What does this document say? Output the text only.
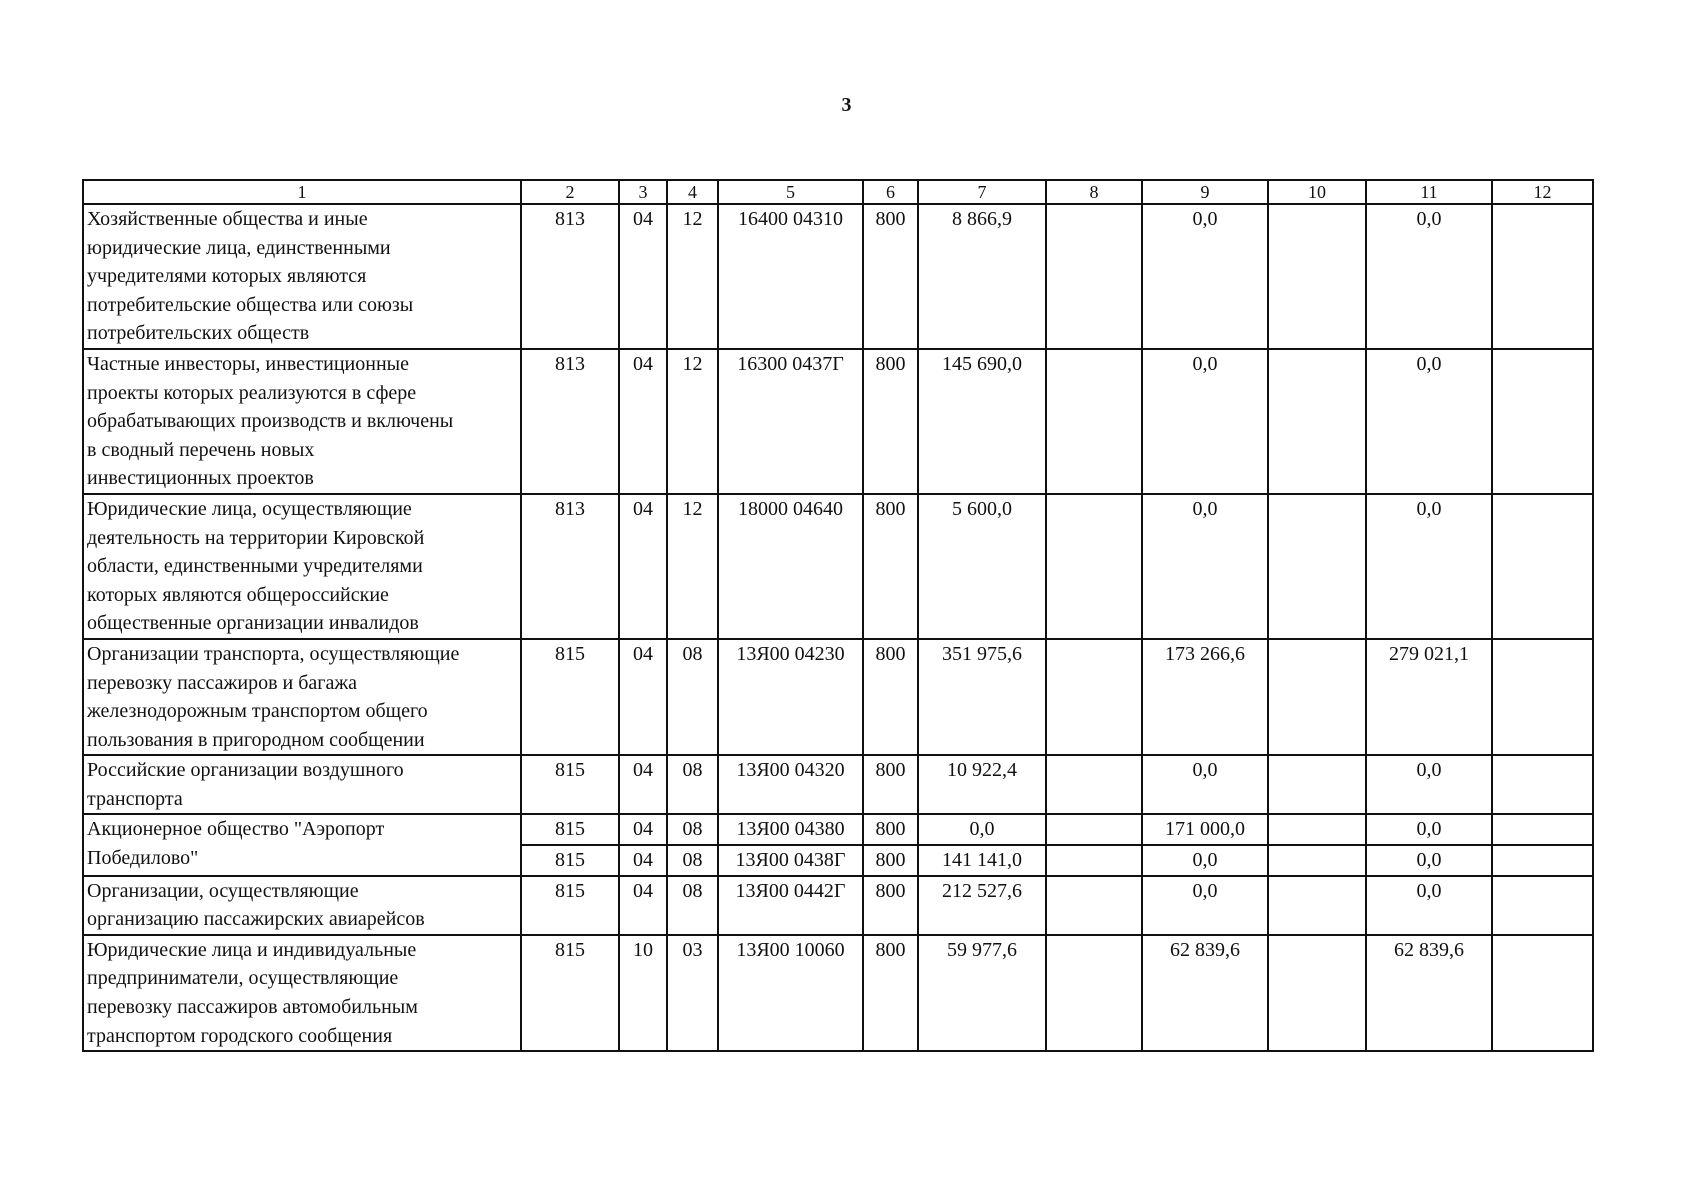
3
1	2	3	4	5	6	7	8	9	10	11	12

Хозяйственные общества и иные
юридические лица, единственными
учредителями которых являются
потребительские общества или союзы
потребительских обществ	813	04	12	16400 04310	800	8 866,9		0,0		0,0	

Частные инвесторы, инвестиционные
проекты которых реализуются в сфере
обрабатывающих производств и включены
в сводный перечень новых
инвестиционных проектов	813	04	12	16300 0437Г	800	145 690,0		0,0		0,0	

Юридические лица, осуществляющие
деятельность на территории Кировской
области, единственными учредителями
которых являются общероссийские
общественные организации инвалидов	813	04	12	18000 04640	800	5 600,0		0,0		0,0	

Организации транспорта, осуществляющие
перевозку пассажиров и багажа
железнодорожным транспортом общего
пользования в пригородном сообщении	815	04	08	13Я00 04230	800	351 975,6		173 266,6		279 021,1	

Российские организации воздушного
транспорта	815	04	08	13Я00 04320	800	10 922,4		0,0		0,0	

Акционерное общество "Аэропорт
Победилово"	815	04	08	13Я00 04380	800	0,0		171 000,0		0,0	
	815	04	08	13Я00 0438Г	800	141 141,0		0,0		0,0	

Организации, осуществляющие
организацию пассажирских авиарейсов	815	04	08	13Я00 0442Г	800	212 527,6		0,0		0,0	

Юридические лица и индивидуальные
предприниматели, осуществляющие
перевозку пассажиров автомобильным
транспортом городского сообщения	815	10	03	13Я00 10060	800	59 977,6		62 839,6		62 839,6	
